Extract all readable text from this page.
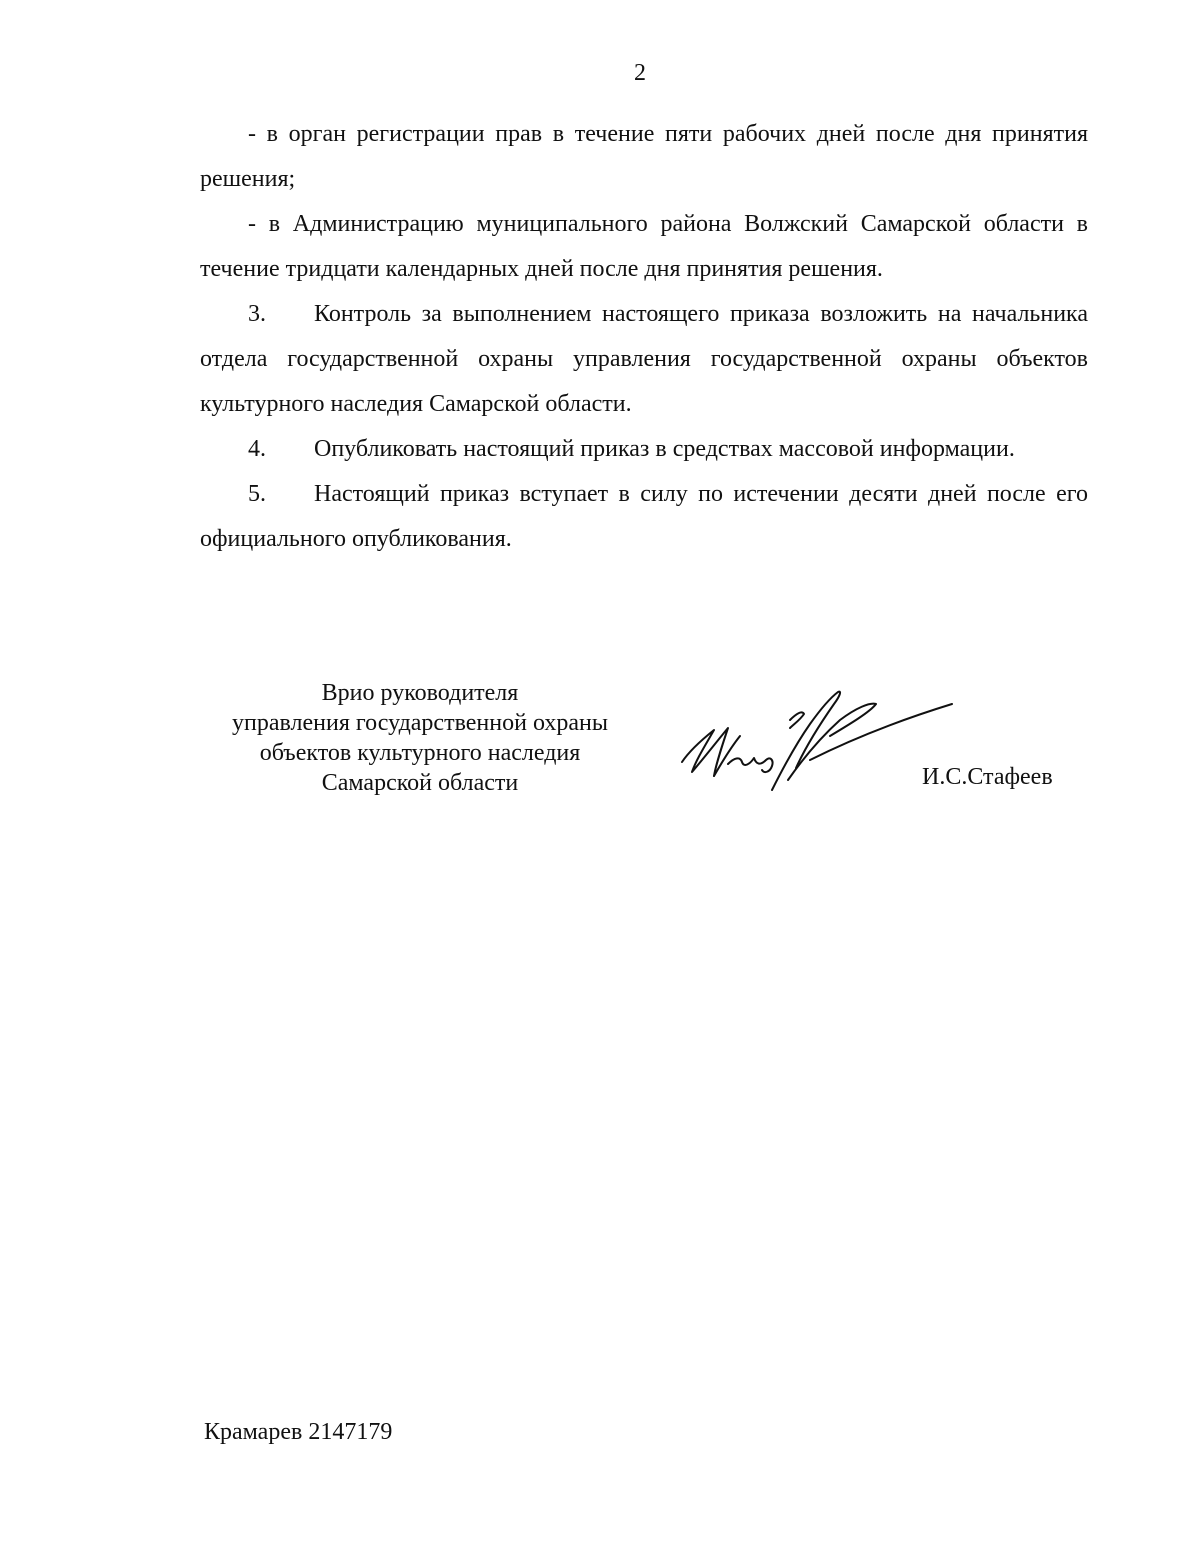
2

- в орган регистрации прав в течение пяти рабочих дней после дня принятия решения;

- в Администрацию муниципального района Волжский Самарской области в течение тридцати календарных дней после дня принятия решения.

3. Контроль за выполнением настоящего приказа возложить на начальника отдела государственной охраны управления государственной охраны объектов культурного наследия Самарской области.

4. Опубликовать настоящий приказ в средствах массовой информации.

5. Настоящий приказ вступает в силу по истечении десяти дней после его официального опубликования.

Врио руководителя
управления государственной охраны
объектов культурного наследия
Самарской области	И.С.Стафеев
Крамарев 2147179
